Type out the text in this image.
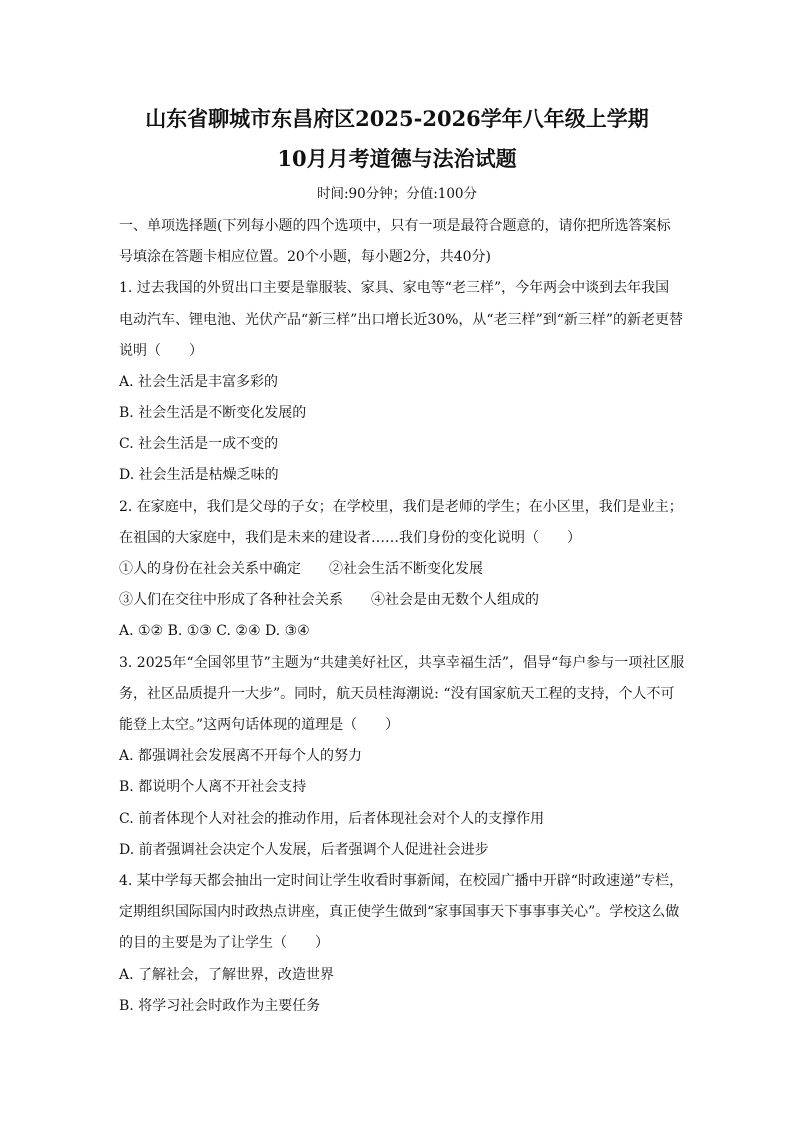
山东省聊城市东昌府区2025-2026学年八年级上学期
10月月考道德与法治试题
时间:90分钟；分值:100分
一、单项选择题(下列每小题的四个选项中，只有一项是最符合题意的，请你把所选答案标
号填涂在答题卡相应位置。20个小题，每小题2分，共40分)
1. 过去我国的外贸出口主要是靠服装、家具、家电等“老三样”，今年两会中谈到去年我国
电动汽车、锂电池、光伏产品“新三样”出口增长近30%，从“老三样”到“新三样”的新老更替
说明（　　）
A. 社会生活是丰富多彩的
B. 社会生活是不断变化发展的
C. 社会生活是一成不变的
D. 社会生活是枯燥乏味的
2. 在家庭中，我们是父母的子女；在学校里，我们是老师的学生；在小区里，我们是业主；
在祖国的大家庭中，我们是未来的建设者……我们身份的变化说明（　　）
①人的身份在社会关系中确定　　②社会生活不断变化发展
③人们在交往中形成了各种社会关系　　④社会是由无数个人组成的
A. ①② B. ①③ C. ②④ D. ③④
3. 2025年“全国邻里节”主题为“共建美好社区，共享幸福生活”，倡导“每户参与一项社区服
务，社区品质提升一大步”。同时，航天员桂海潮说: “没有国家航天工程的支持，个人不可
能登上太空。”这两句话体现的道理是（　　）
A. 都强调社会发展离不开每个人的努力
B. 都说明个人离不开社会支持
C. 前者体现个人对社会的推动作用，后者体现社会对个人的支撑作用
D. 前者强调社会决定个人发展，后者强调个人促进社会进步
4. 某中学每天都会抽出一定时间让学生收看时事新闻，在校园广播中开辟“时政速递”专栏，
定期组织国际国内时政热点讲座，真正使学生做到“家事国事天下事事事关心”。学校这么做
的目的主要是为了让学生（　　）
A. 了解社会，了解世界，改造世界
B. 将学习社会时政作为主要任务
